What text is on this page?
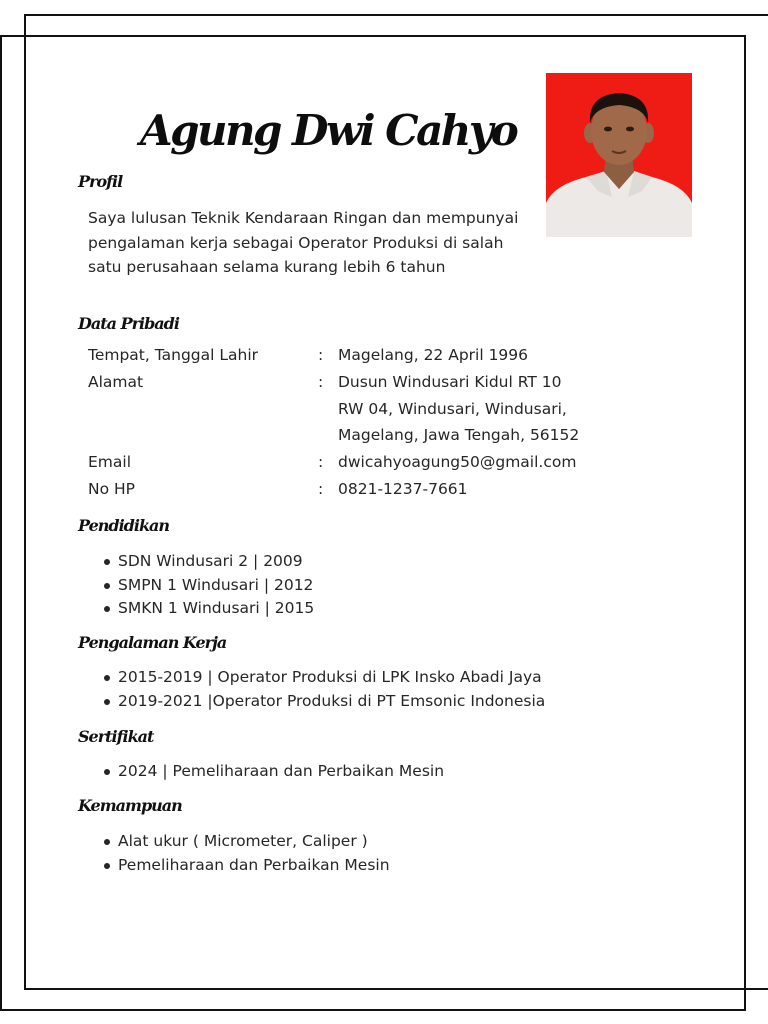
Agung Dwi Cahyo
Profil

Saya lulusan Teknik Kendaraan Ringan dan mempunyai pengalaman kerja sebagai Operator Produksi di salah satu perusahaan selama kurang lebih 6 tahun

Data Pribadi
Tempat, Tanggal Lahir	: Magelang, 22 April 1996
Alamat	: Dusun Windusari Kidul RT 10
RW 04, Windusari, Windusari,
Magelang, Jawa Tengah, 56152
Email	: dwicahyoagung50@gmail.com
No HP	: 0821-1237-7661
Pendidikan
SDN Windusari 2 | 2009
SMPN 1 Windusari | 2012
SMKN 1 Windusari | 2015
Pengalaman Kerja
2015-2019 | Operator Produksi di LPK Insko Abadi Jaya
2019-2021 |Operator Produksi di PT Emsonic Indonesia
Sertifikat
2024 | Pemeliharaan dan Perbaikan Mesin
Kemampuan
Alat ukur ( Micrometer, Caliper )
Pemeliharaan dan Perbaikan Mesin
